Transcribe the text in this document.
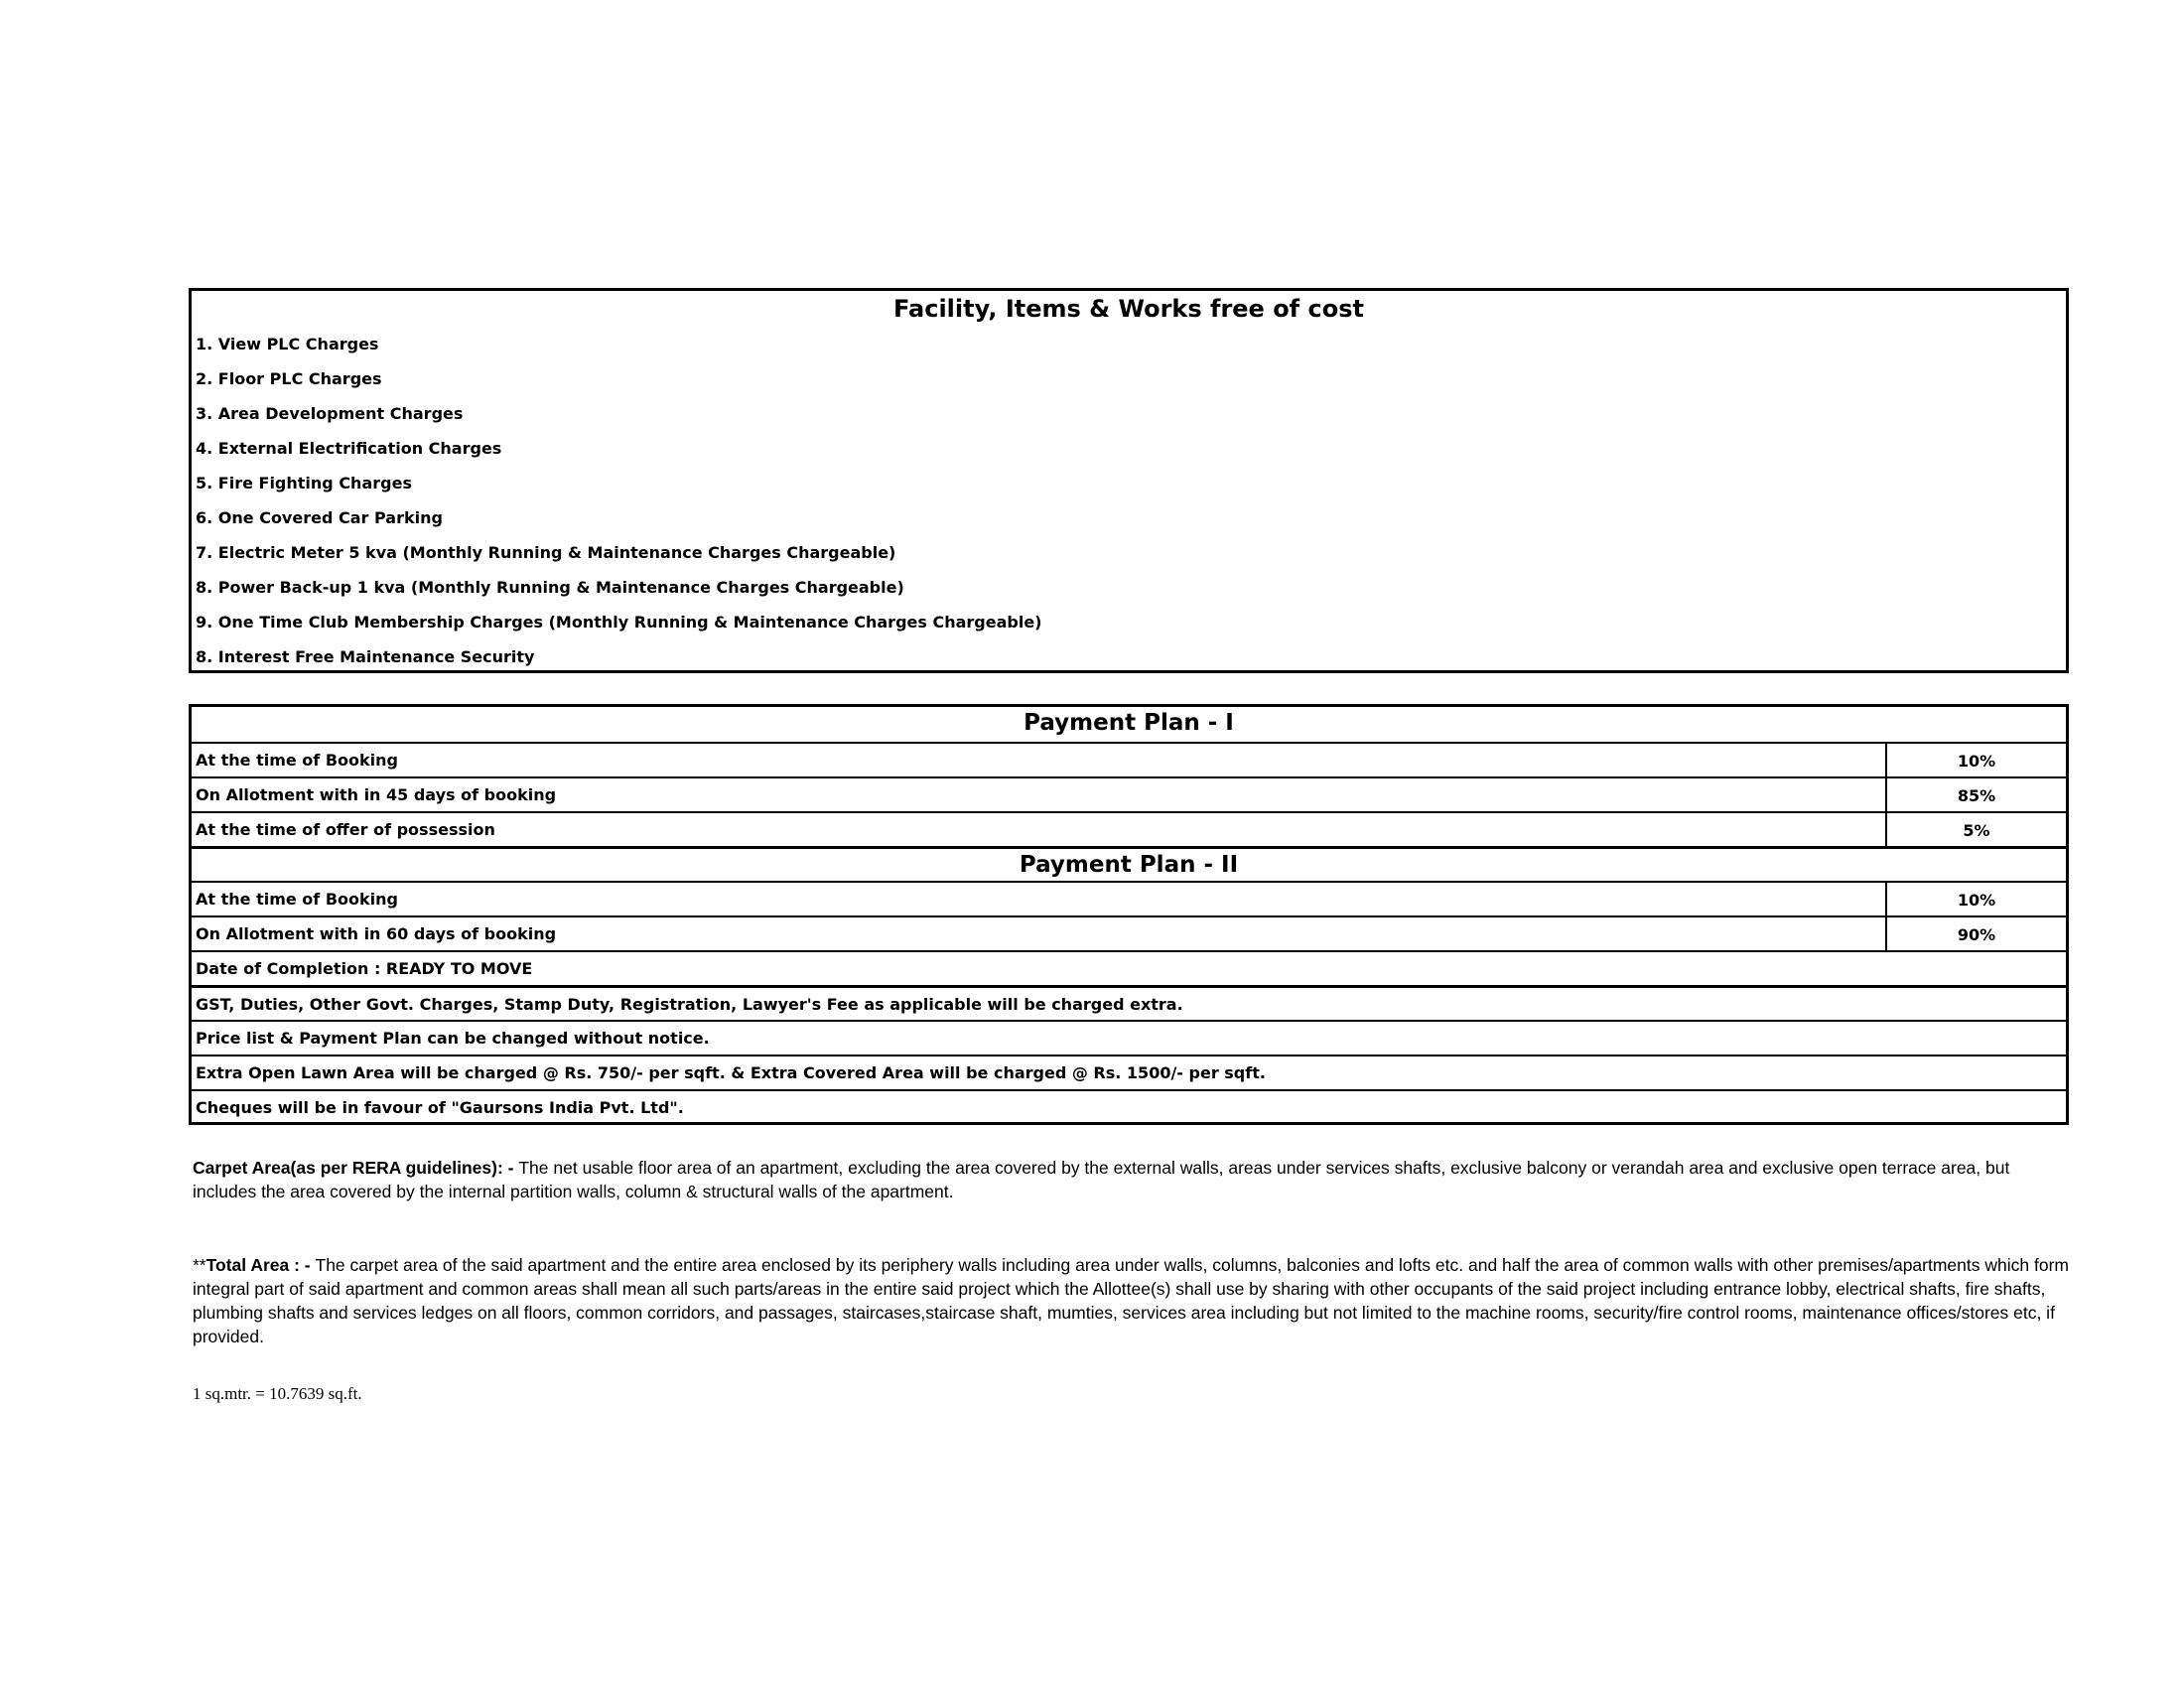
Facility, Items & Works free of cost
1. View PLC Charges
2. Floor PLC Charges
3. Area Development Charges
4. External Electrification Charges
5. Fire Fighting Charges
6. One Covered Car Parking
7. Electric Meter 5 kva (Monthly Running & Maintenance Charges Chargeable)
8. Power Back-up 1 kva (Monthly Running & Maintenance Charges Chargeable)
9. One Time Club Membership Charges (Monthly Running & Maintenance Charges Chargeable)
8. Interest Free Maintenance Security
Payment Plan - I
At the time of Booking	10%
On Allotment with in 45 days of booking	85%
At the time of offer of possession	5%
Payment Plan - II
At the time of Booking	10%
On Allotment with in 60 days of booking	90%
Date of Completion : READY TO MOVE
GST, Duties, Other Govt. Charges, Stamp Duty, Registration, Lawyer's Fee as applicable will be charged extra.
Price list & Payment Plan can be changed without notice.
Extra Open Lawn Area will be charged @ Rs. 750/- per sqft. & Extra Covered Area will be charged @ Rs. 1500/- per sqft.
Cheques will be in favour of "Gaursons India Pvt. Ltd".
Carpet Area(as per RERA guidelines): - The net usable floor area of an apartment, excluding the area covered by the external walls, areas under services shafts, exclusive balcony or verandah area and exclusive open terrace area, but includes the area covered by the internal partition walls, column & structural walls of the apartment.
**Total Area : - The carpet area of the said apartment and the entire area enclosed by its periphery walls including area under walls, columns, balconies and lofts etc. and half the area of common walls with other premises/apartments which form integral part of said apartment and common areas shall mean all such parts/areas in the entire said project which the Allottee(s) shall use by sharing with other occupants of the said project including entrance lobby, electrical shafts, fire shafts, plumbing shafts and services ledges on all floors, common corridors, and passages, staircases,staircase shaft, mumties, services area including but not limited to the machine rooms, security/fire control rooms, maintenance offices/stores etc, if provided.
1 sq.mtr. = 10.7639 sq.ft.
